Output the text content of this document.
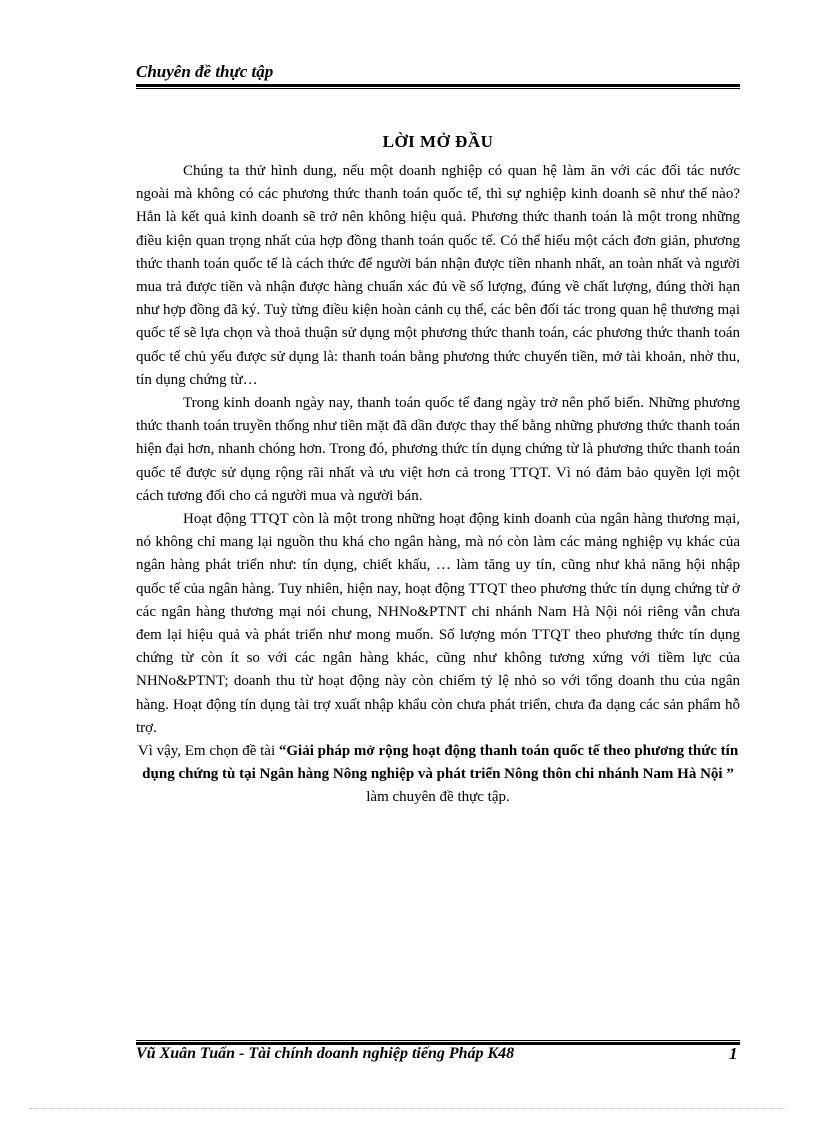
Chuyên đề thực tập
LỜI MỞ ĐẦU

Chúng ta thử hình dung, nếu một doanh nghiệp có quan hệ làm ăn với các đối tác nước ngoài mà không có các phương thức thanh toán quốc tế, thì sự nghiệp kinh doanh sẽ như thế nào? Hẳn là kết quả kinh doanh sẽ trở nên không hiệu quả. Phương thức thanh toán là một trong những điều kiện quan trọng nhất của hợp đồng thanh toán quốc tế. Có thể hiểu một cách đơn giản, phương thức thanh toán quốc tế là cách thức để người bán nhận được tiền nhanh nhất, an toàn nhất và người mua trả được tiền và nhận được hàng chuẩn xác đủ về số lượng, đúng về chất lượng, đúng thời hạn như hợp đồng đã ký. Tuỳ từng điều kiện hoàn cảnh cụ thể, các bên đối tác trong quan hệ thương mại quốc tế sẽ lựa chọn và thoả thuận sử dụng một phương thức thanh toán, các phương thức thanh toán quốc tế chủ yếu được sử dụng là: thanh toán bằng phương thức chuyển tiền, mở tài khoản, nhờ thu, tín dụng chứng từ…

Trong kinh doanh ngày nay, thanh toán quốc tế đang ngày trở nên phổ biến. Những phương thức thanh toán truyền thống như tiền mặt đã dần được thay thế bằng những phương thức thanh toán hiện đại hơn, nhanh chóng hơn. Trong đó, phương thức tín dụng chứng từ là phương thức thanh toán quốc tế được sử dụng rộng rãi nhất và ưu việt hơn cả trong TTQT. Vì nó đảm bảo quyền lợi một cách tương đối cho cả người mua và người bán.

Hoạt động TTQT còn là một trong những hoạt động kinh doanh của ngân hàng thương mại, nó không chỉ mang lại nguồn thu khá cho ngân hàng, mà nó còn làm các mảng nghiệp vụ khác của ngân hàng phát triển như: tín dụng, chiết khấu, … làm tăng uy tín, cũng như khả năng hội nhập quốc tế của ngân hàng. Tuy nhiên, hiện nay, hoạt động TTQT theo phương thức tín dụng chứng từ ở các ngân hàng thương mại nói chung, NHNo&PTNT chi nhánh Nam Hà Nội nói riêng vẫn chưa đem lại hiệu quả và phát triển như mong muốn. Số lượng món TTQT theo phương thức tín dụng chứng từ còn ít so với các ngân hàng khác, cũng như không tương xứng với tiềm lực của NHNo&PTNT; doanh thu từ hoạt động này còn chiếm tỷ lệ nhỏ so với tổng doanh thu của ngân hàng. Hoạt động tín dụng tài trợ xuất nhập khẩu còn chưa phát triển, chưa đa dạng các sản phẩm hỗ trợ.

Vì vậy, Em chọn đề tài “Giải pháp mở rộng hoạt động thanh toán quốc tế theo phương thức tín dụng chứng tù tại Ngân hàng Nông nghiệp và phát triển Nông thôn chi nhánh Nam Hà Nội ” làm chuyên đề thực tập.

Vũ Xuân Tuấn - Tài chính doanh nghiệp tiếng Pháp K48	1
